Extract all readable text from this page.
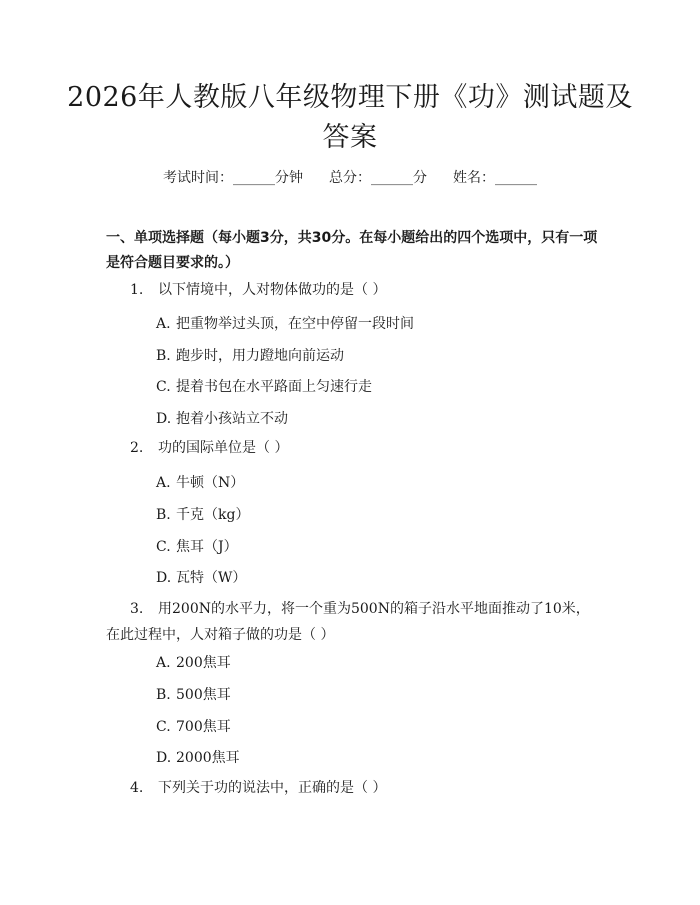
2026年人教版八年级物理下册《功》测试题及答案
考试时间：______分钟 总分：______分 姓名：______
一、单项选择题（每小题3分，共30分。在每小题给出的四个选项中，只有一项是符合题目要求的。）
1. 以下情境中，人对物体做功的是（ ）
A. 把重物举过头顶，在空中停留一段时间
B. 跑步时，用力蹬地向前运动
C. 提着书包在水平路面上匀速行走
D. 抱着小孩站立不动
2. 功的国际单位是（ ）
A. 牛顿（N）
B. 千克（kg）
C. 焦耳（J）
D. 瓦特（W）
3. 用200N的水平力，将一个重为500N的箱子沿水平地面推动了10米，在此过程中，人对箱子做的功是（ ）
A. 200焦耳
B. 500焦耳
C. 700焦耳
D. 2000焦耳
4. 下列关于功的说法中，正确的是（ ）
